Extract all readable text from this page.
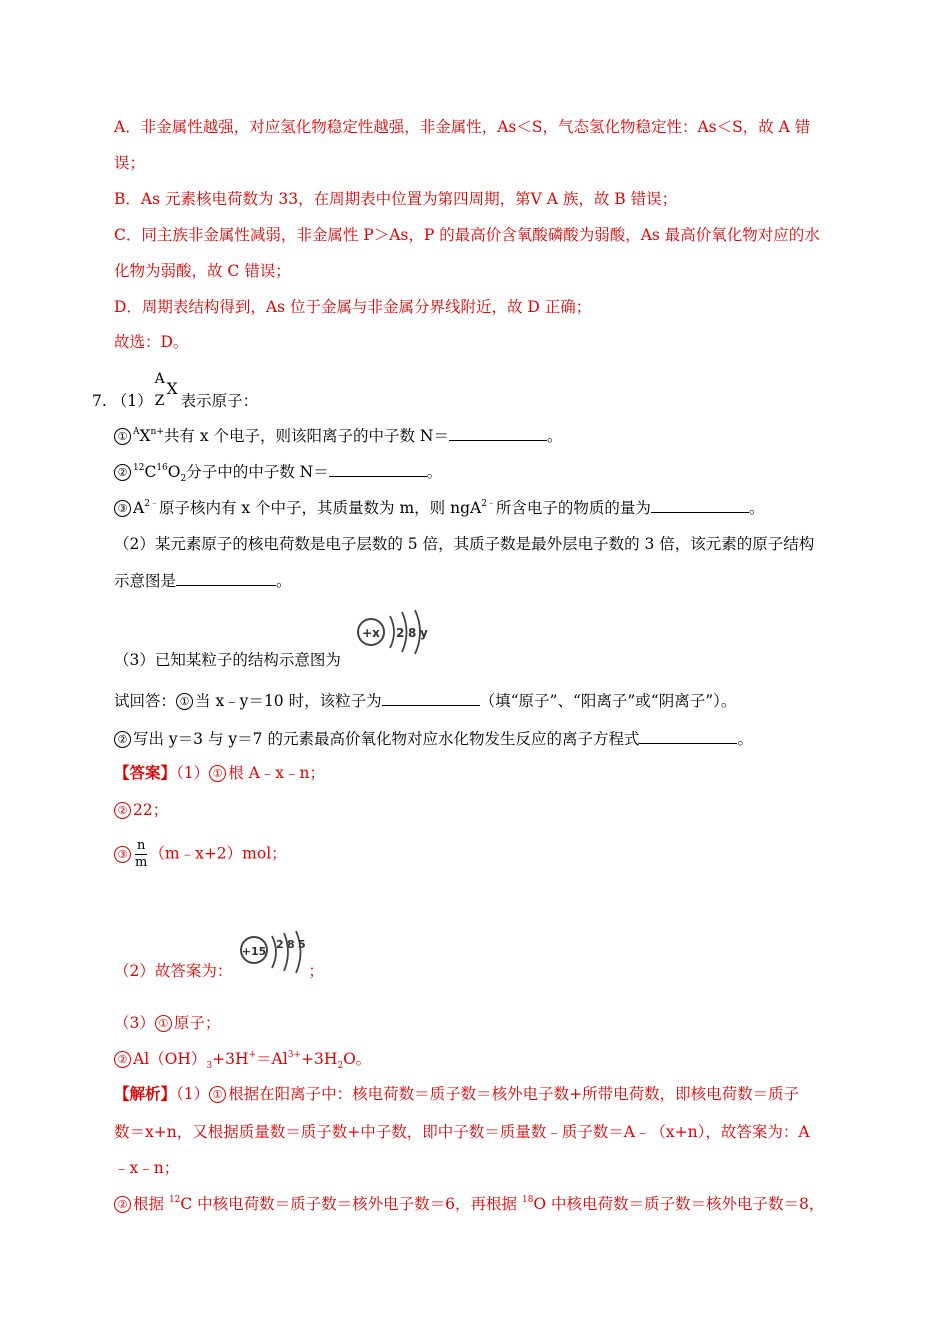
A．非金属性越强，对应氢化物稳定性越强，非金属性，As＜S，气态氢化物稳定性：As＜S，故 A 错
误；
B．As 元素核电荷数为 33，在周期表中位置为第四周期，第Ⅴ A 族，故 B 错误；
C．同主族非金属性减弱，非金属性 P＞As，P 的最高价含氧酸磷酸为弱酸，As 最高价氧化物对应的水
化物为弱酸，故 C 错误；
D．周期表结构得到，As 位于金属与非金属分界线附近，故 D 正确；
故选：D。
7. （1）
A
Z
X
表示原子：
① $^AX^{n+}$共有 x 个电子，则该阳离子的中子数 N＝	。
② $^{12}C^{16}O_2$分子中的中子数 N＝	。
③ $A^{2﹣}$原子核内有 x 个中子，其质量数为 m，则 ngA$^{2﹣}$所含电子的物质的量为	。
（2）某元素原子的核电荷数是电子层数的 5 倍，其质子数是最外层电子数的 3 倍，该元素的原子结构
示意图是	。
（3）已知某粒子的结构示意图为
+x 2 8 y
试回答： ① 当 x﹣y＝10 时，该粒子为	（填“原子”、“阳离子”或“阴离子”）。
② 写出 y＝3 与 y＝7 的元素最高价氧化物对应水化物发生反应的离子方程式	。
【答案】（1） ① 根 A﹣x﹣n；
② 22；
③ $\frac{n}{m}$ （m﹣x+2）mol；
（2）故答案为：	；
+15
2 8 5
（3） ① 原子；
② $Al(OH)_3+3H^+=Al^{3+}+3H_2O$。
【解析】（1） ① 根据在阳离子中：核电荷数＝质子数＝核外电子数+所带电荷数，即核电荷数＝质子
数＝x+n，又根据质量数＝质子数+中子数，即中子数＝质量数﹣质子数＝A﹣（x+n），故答案为：A
﹣x﹣n；
② 根据 $^{12}$C 中核电荷数＝质子数＝核外电子数＝6，再根据 $^{18}$O 中核电荷数＝质子数＝核外电子数＝8，
